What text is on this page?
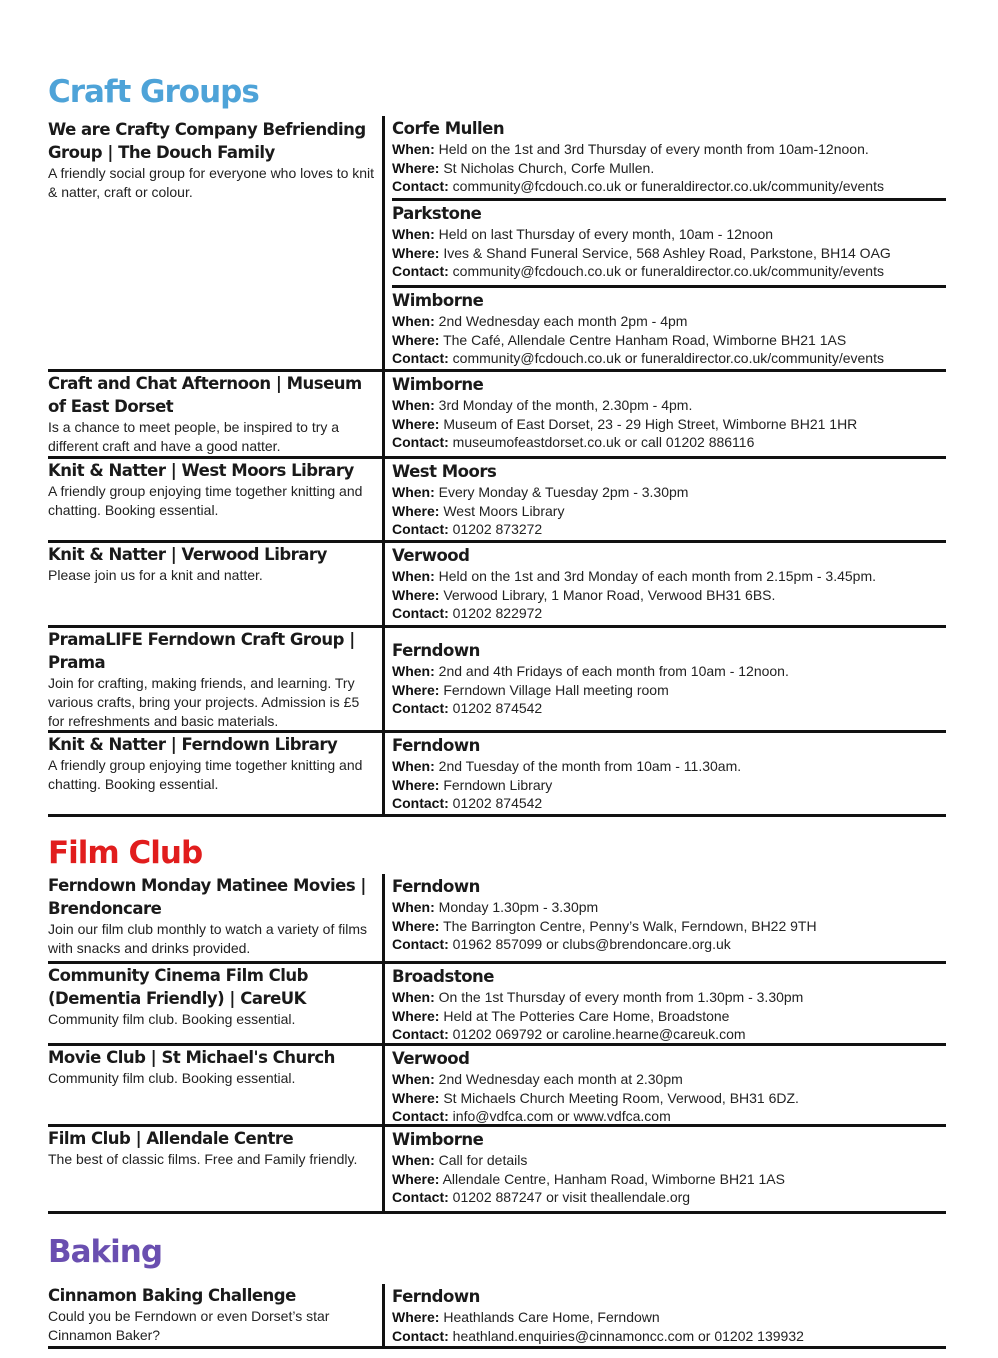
Craft Groups
We are Crafty Company Befriending Group | The Douch Family
A friendly social group for everyone who loves to knit & natter, craft or colour.
Corfe Mullen
When: Held on the 1st and 3rd Thursday of every month from 10am-12noon.
Where: St Nicholas Church, Corfe Mullen.
Contact: community@fcdouch.co.uk or funeraldirector.co.uk/community/events
Parkstone
When: Held on last Thursday of every month, 10am - 12noon
Where: Ives & Shand Funeral Service, 568 Ashley Road, Parkstone, BH14 OAG
Contact: community@fcdouch.co.uk or funeraldirector.co.uk/community/events
Wimborne
When: 2nd Wednesday each month 2pm - 4pm
Where: The Café, Allendale Centre Hanham Road, Wimborne BH21 1AS
Contact: community@fcdouch.co.uk or funeraldirector.co.uk/community/events
Craft and Chat Afternoon | Museum of East Dorset
Is a chance to meet people, be inspired to try a different craft and have a good natter.
Wimborne
When: 3rd Monday of the month, 2.30pm - 4pm.
Where: Museum of East Dorset, 23 - 29 High Street, Wimborne BH21 1HR
Contact: museumofeastdorset.co.uk or call 01202 886116
Knit & Natter | West Moors Library
A friendly group enjoying time together knitting and chatting. Booking essential.
West Moors
When: Every Monday & Tuesday 2pm - 3.30pm
Where: West Moors Library
Contact: 01202 873272
Knit & Natter | Verwood Library
Please join us for a knit and natter.
Verwood
When: Held on the 1st and 3rd Monday of each month from 2.15pm - 3.45pm.
Where: Verwood Library, 1 Manor Road, Verwood BH31 6BS.
Contact: 01202 822972
PramaLIFE Ferndown Craft Group | Prama
Join for crafting, making friends, and learning. Try various crafts, bring your projects. Admission is £5 for refreshments and basic materials.
Ferndown
When: 2nd and 4th Fridays of each month from 10am - 12noon.
Where: Ferndown Village Hall meeting room
Contact: 01202 874542
Knit & Natter | Ferndown Library
A friendly group enjoying time together knitting and chatting. Booking essential.
Ferndown
When: 2nd Tuesday of the month from 10am - 11.30am.
Where: Ferndown Library
Contact: 01202 874542
Film Club
Ferndown Monday Matinee Movies | Brendoncare
Join our film club monthly to watch a variety of films with snacks and drinks provided.
Ferndown
When: Monday 1.30pm - 3.30pm
Where: The Barrington Centre, Penny’s Walk, Ferndown, BH22 9TH
Contact: 01962 857099 or clubs@brendoncare.org.uk
Community Cinema Film Club (Dementia Friendly) | CareUK
Community film club. Booking essential.
Broadstone
When: On the 1st Thursday of every month from 1.30pm - 3.30pm
Where: Held at The Potteries Care Home, Broadstone
Contact: 01202 069792 or caroline.hearne@careuk.com
Movie Club | St Michael's Church
Community film club. Booking essential.
Verwood
When: 2nd Wednesday each month at 2.30pm
Where: St Michaels Church Meeting Room, Verwood, BH31 6DZ.
Contact: info@vdfca.com or www.vdfca.com
Film Club | Allendale Centre
The best of classic films. Free and Family friendly.
Wimborne
When: Call for details
Where: Allendale Centre, Hanham Road, Wimborne BH21 1AS
Contact: 01202 887247 or visit theallendale.org
Baking
Cinnamon Baking Challenge
Could you be Ferndown or even Dorset’s star Cinnamon Baker?
Ferndown
Where: Heathlands Care Home, Ferndown
Contact: heathland.enquiries@cinnamoncc.com or 01202 139932
